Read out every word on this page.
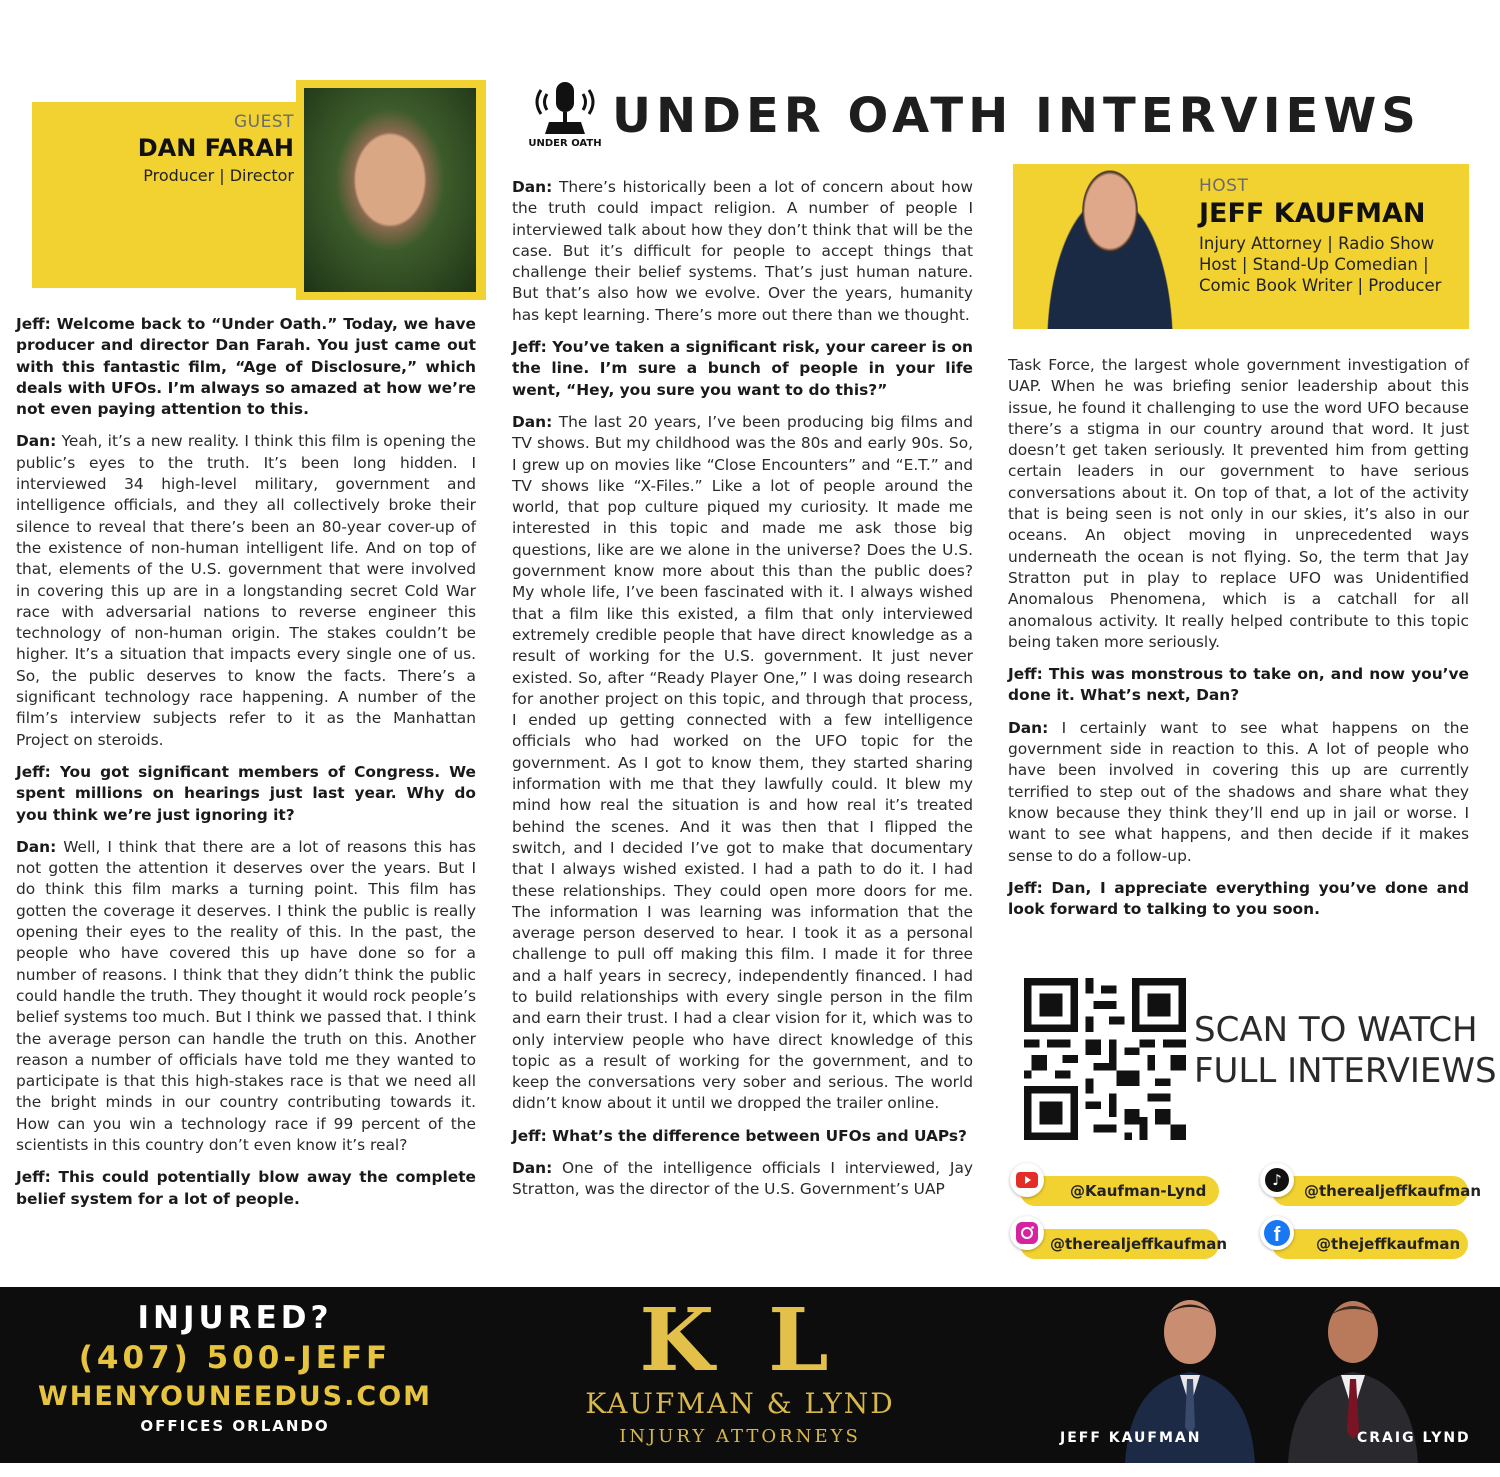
GUEST
DAN FARAH
Producer | Director
UNDER OATH UNDER OATH INTERVIEWS
HOST
JEFF KAUFMAN
Injury Attorney | Radio Show
Host | Stand-Up Comedian |
Comic Book Writer | Producer

Jeff: Welcome back to “Under Oath.” Today, we have producer and director Dan Farah. You just came out with this fantastic film, “Age of Disclosure,” which deals with UFOs. I’m always so amazed at how we’re not even paying attention to this.

Dan: Yeah, it’s a new reality. I think this film is opening the public’s eyes to the truth. It’s been long hidden. I interviewed 34 high-level military, government and intelligence officials, and they all collectively broke their silence to reveal that there’s been an 80-year cover-up of the existence of non-human intelligent life. And on top of that, elements of the U.S. government that were involved in covering this up are in a longstanding secret Cold War race with adversarial nations to reverse engineer this technology of non-human origin. The stakes couldn’t be higher. It’s a situation that impacts every single one of us. So, the public deserves to know the facts. There’s a significant technology race happening. A number of the film’s interview subjects refer to it as the Manhattan Project on steroids.

Jeff: You got significant members of Congress. We spent millions on hearings just last year. Why do you think we’re just ignoring it?

Dan: Well, I think that there are a lot of reasons this has not gotten the attention it deserves over the years. But I do think this film marks a turning point. This film has gotten the coverage it deserves. I think the public is really opening their eyes to the reality of this. In the past, the people who have covered this up have done so for a number of reasons. I think that they didn’t think the public could handle the truth. They thought it would rock people’s belief systems too much. But I think we passed that. I think the average person can handle the truth on this. Another reason a number of officials have told me they wanted to participate is that this high-stakes race is that we need all the bright minds in our country contributing towards it. How can you win a technology race if 99 percent of the scientists in this country don’t even know it’s real?

Jeff: This could potentially blow away the complete belief system for a lot of people.

Dan: There’s historically been a lot of concern about how the truth could impact religion. A number of people I interviewed talk about how they don’t think that will be the case. But it’s difficult for people to accept things that challenge their belief systems. That’s just human nature. But that’s also how we evolve. Over the years, humanity has kept learning. There’s more out there than we thought.

Jeff: You’ve taken a significant risk, your career is on the line. I’m sure a bunch of people in your life went, “Hey, you sure you want to do this?”

Dan: The last 20 years, I’ve been producing big films and TV shows. But my childhood was the 80s and early 90s. So, I grew up on movies like “Close Encounters” and “E.T.” and TV shows like “X-Files.” Like a lot of people around the world, that pop culture piqued my curiosity. It made me interested in this topic and made me ask those big questions, like are we alone in the universe? Does the U.S. government know more about this than the public does? My whole life, I’ve been fascinated with it. I always wished that a film like this existed, a film that only interviewed extremely credible people that have direct knowledge as a result of working for the U.S. government. It just never existed. So, after “Ready Player One,” I was doing research for another project on this topic, and through that process, I ended up getting connected with a few intelligence officials who had worked on the UFO topic for the government. As I got to know them, they started sharing information with me that they lawfully could. It blew my mind how real the situation is and how real it’s treated behind the scenes. And it was then that I flipped the switch, and I decided I’ve got to make that documentary that I always wished existed. I had a path to do it. I had these relationships. They could open more doors for me. The information I was learning was information that the average person deserved to hear. I took it as a personal challenge to pull off making this film. I made it for three and a half years in secrecy, independently financed. I had to build relationships with every single person in the film and earn their trust. I had a clear vision for it, which was to only interview people who have direct knowledge of this topic as a result of working for the government, and to keep the conversations very sober and serious. The world didn’t know about it until we dropped the trailer online.

Jeff: What’s the difference between UFOs and UAPs?

Dan: One of the intelligence officials I interviewed, Jay Stratton, was the director of the U.S. Government’s UAP

Task Force, the largest whole government investigation of UAP. When he was briefing senior leadership about this issue, he found it challenging to use the word UFO because there’s a stigma in our country around that word. It just doesn’t get taken seriously. It prevented him from getting certain leaders in our government to have serious conversations about it. On top of that, a lot of the activity that is being seen is not only in our skies, it’s also in our oceans. An object moving in unprecedented ways underneath the ocean is not flying. So, the term that Jay Stratton put in play to replace UFO was Unidentified Anomalous Phenomena, which is a catchall for all anomalous activity. It really helped contribute to this topic being taken more seriously.

Jeff: This was monstrous to take on, and now you’ve done it. What’s next, Dan?

Dan: I certainly want to see what happens on the government side in reaction to this. A lot of people who have been involved in covering this up are currently terrified to step out of the shadows and share what they know because they think they’ll end up in jail or worse. I want to see what happens, and then decide if it makes sense to do a follow-up.

Jeff: Dan, I appreciate everything you’ve done and look forward to talking to you soon.

SCAN TO WATCH
FULL INTERVIEWS
@Kaufman-Lynd	@therealjeffkaufman
♪
@therealjeffkaufman	@thejeffkaufman
f
INJURED?
(407) 500-JEFF
WHENYOUNEEDUS.COM
OFFICES ORLANDO
K L
KAUFMAN & LYND
INJURY ATTORNEYS	JEFF KAUFMAN	CRAIG LYND
